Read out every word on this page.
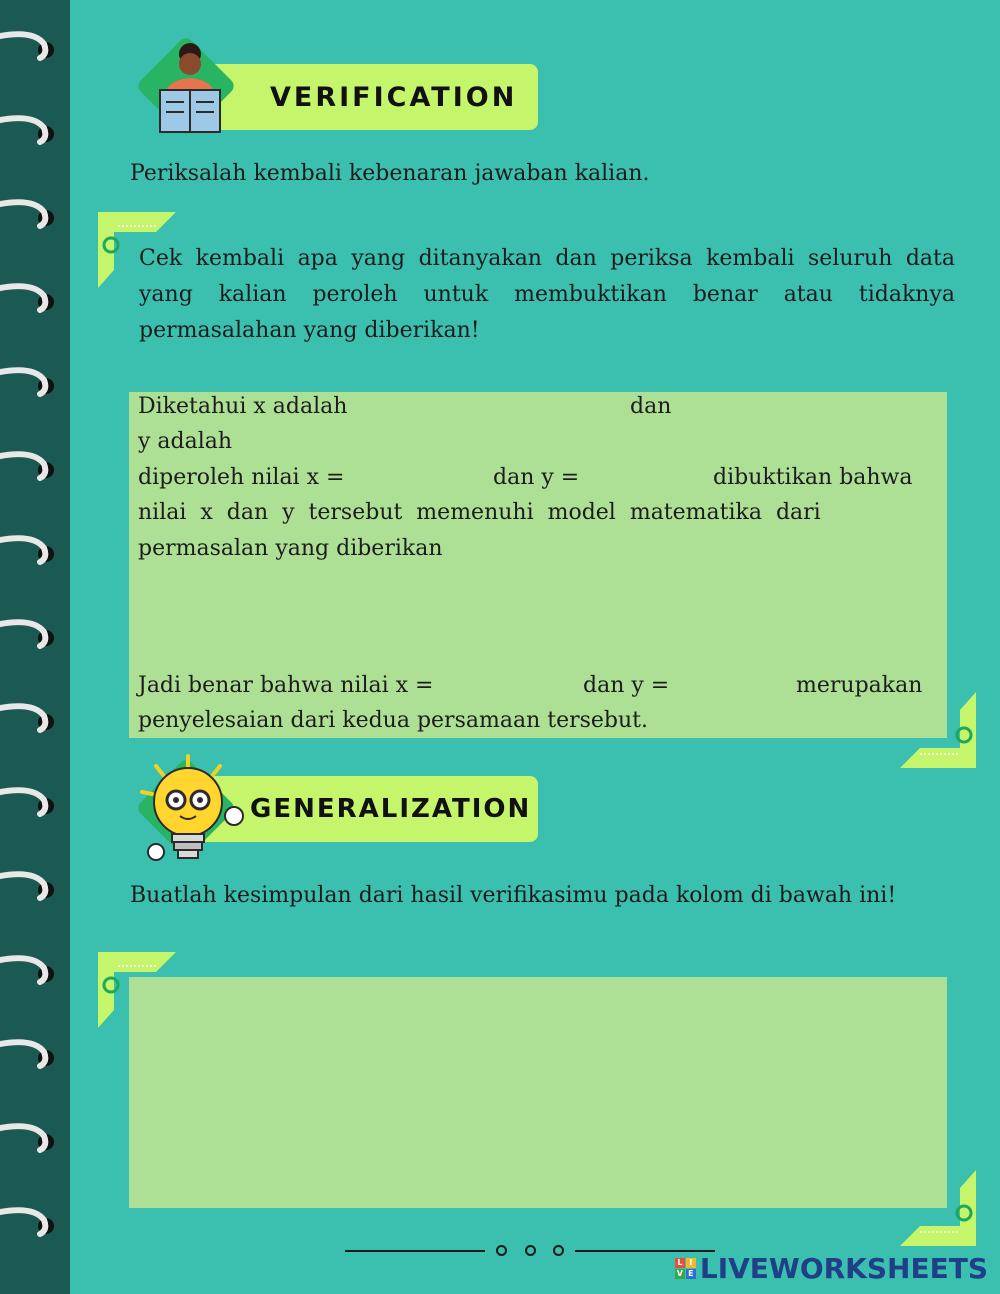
VERIFICATION
Periksalah kembali kebenaran jawaban kalian.
Cek kembali apa yang ditanyakan dan periksa kembali seluruh data yang kalian peroleh untuk membuktikan benar atau tidaknya permasalahan yang diberikan!
Diketahui x adalah	dan
y adalah
diperoleh nilai x =	dan y =	dibuktikan bahwa
nilai  x  dan  y  tersebut  memenuhi  model  matematika  dari
permasalan yang diberikan
Jadi benar bahwa nilai x =	dan y =	merupakan
penyelesaian dari kedua persamaan tersebut.
GENERALIZATION
Buatlah kesimpulan dari hasil verifikasimu pada kolom di bawah ini!
L I
V E LIVEWORKSHEETS
